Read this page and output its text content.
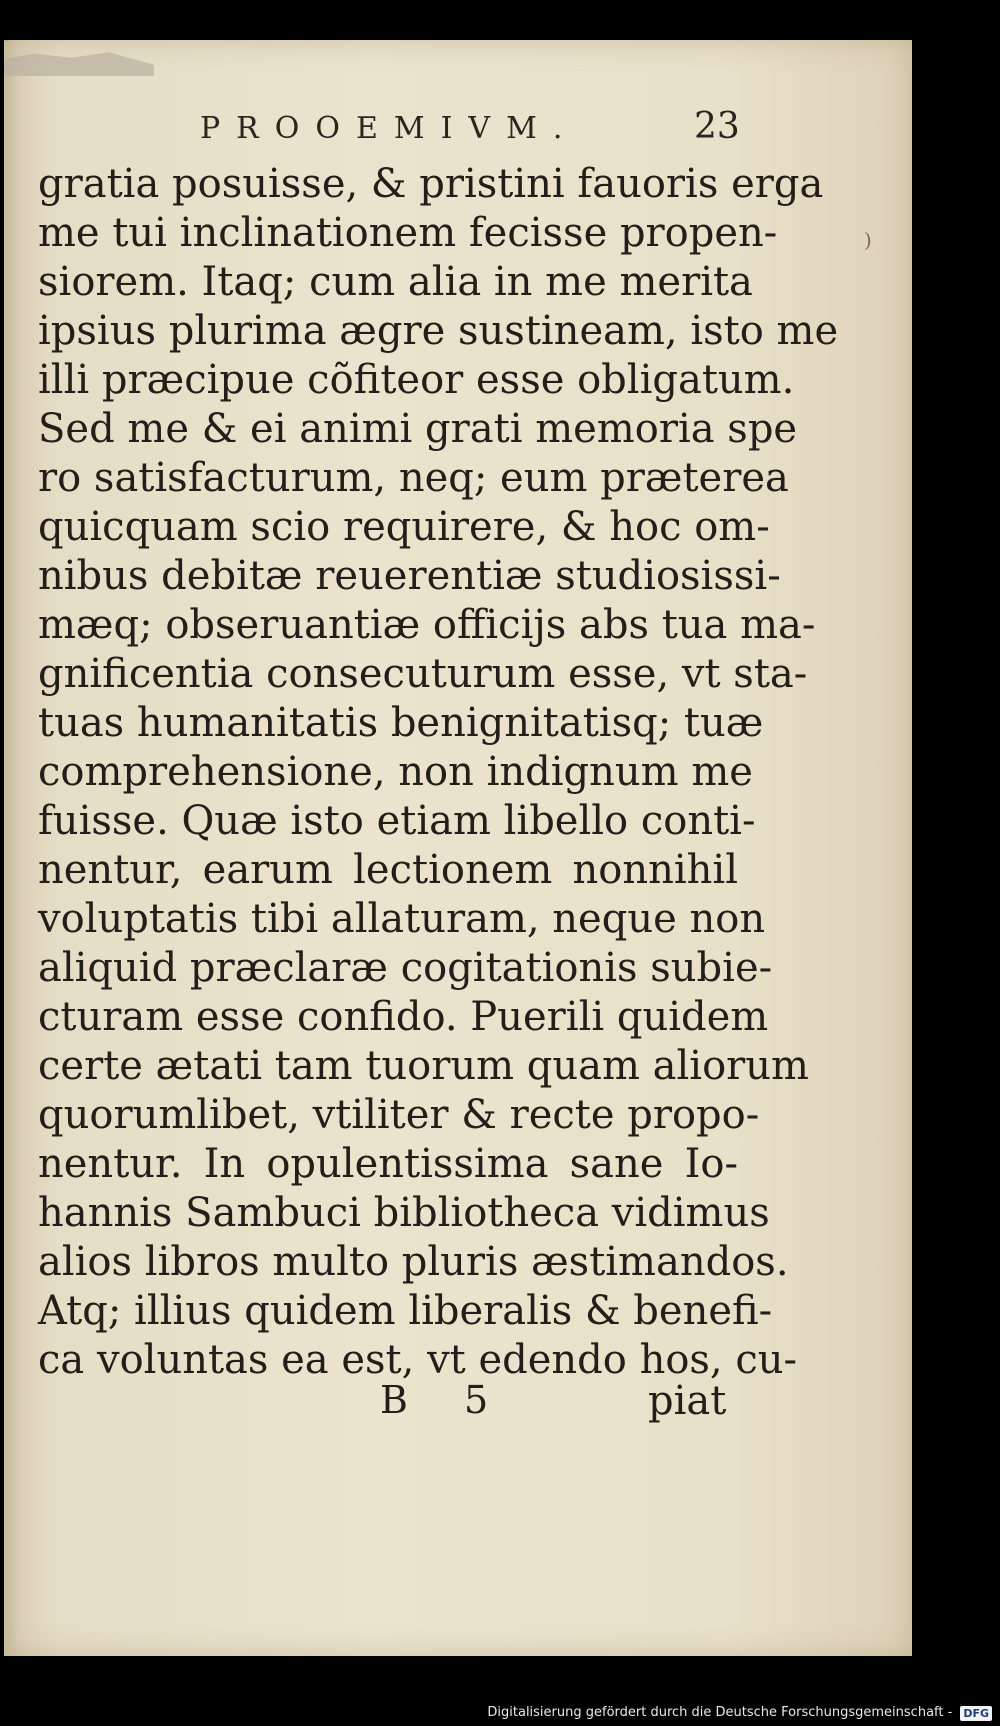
PROOEMIVM.	23
)
gratia posuisse, & pristini fauoris erga
me tui inclinationem fecisse propen-
siorem. Itaq; cum alia in me merita
ipsius plurima ægre sustineam, isto me
illi præcipue cõfiteor esse obligatum.
Sed me & ei animi grati memoria spe
ro satisfacturum, neq; eum præterea
quicquam scio requirere, & hoc om-
nibus debitæ reuerentiæ studiosissi-
mæq; obseruantiæ officijs abs tua ma-
gnificentia consecuturum esse, vt sta-
tuas humanitatis benignitatisq; tuæ
comprehensione, non indignum me
fuisse. Quæ isto etiam libello conti-
nentur, earum lectionem nonnihil
voluptatis tibi allaturam, neque non
aliquid præclaræ cogitationis subie-
cturam esse confido. Puerili quidem
certe ætati tam tuorum quam aliorum
quorumlibet, vtiliter & recte propo-
nentur. In opulentissima sane Io-
hannis Sambuci bibliotheca vidimus
alios libros multo pluris æstimandos.
Atq; illius quidem liberalis & benefi-
ca voluntas ea est, vt edendo hos, cu-
B 5	piat
Digitalisierung gefördert durch die Deutsche Forschungsgemeinschaft - DFG
